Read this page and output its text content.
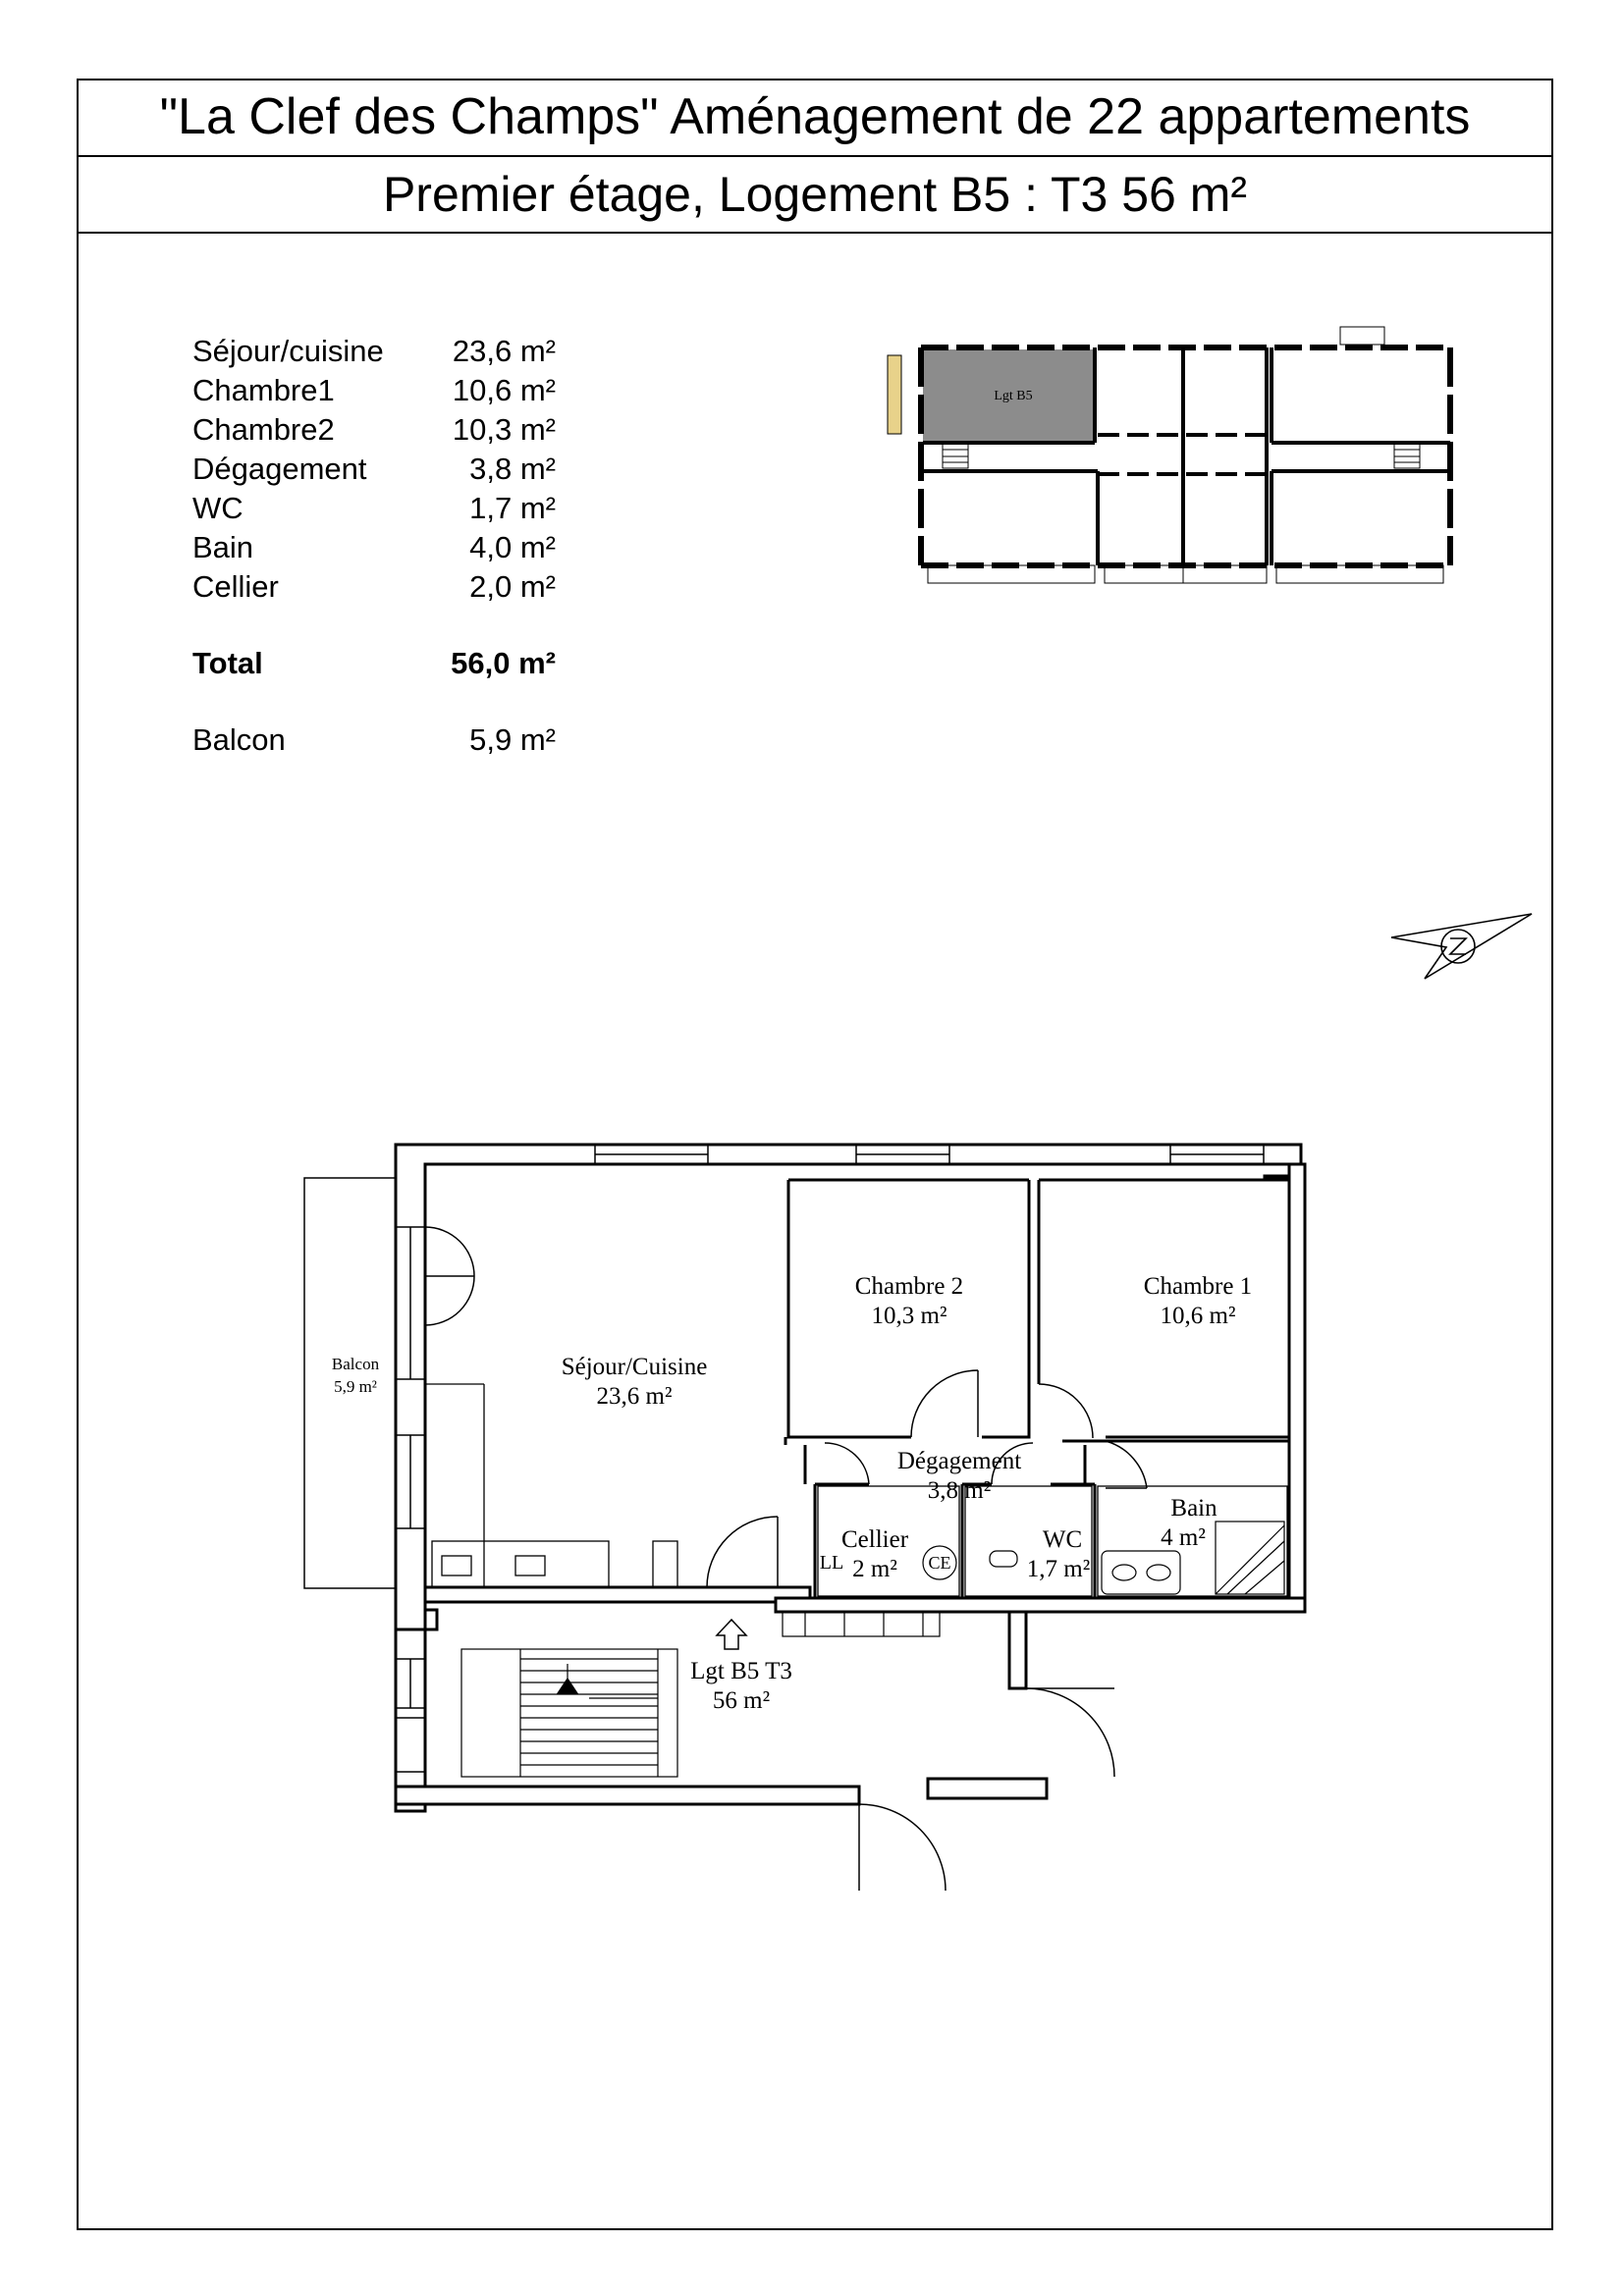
"La Clef des Champs" Aménagement de 22 appartements
Premier étage, Logement B5 : T3 56 m²
Séjour/cuisine 23,6 m²
Chambre1	10,6 m²
Chambre2	10,3 m²
Dégagement	3,8 m²
WC	1,7 m²
Bain	4,0 m²
Cellier	2,0 m²
Total	56,0 m²
Balcon	5,9 m²
Lgt B5
Séjour/Cuisine
23,6 m²
Chambre 2
10,3 m²
Chambre 1
10,6 m²
Dégagement
3,8 m²
Cellier
2 m²
WC
1,7 m²
Bain
4 m²
Lgt B5 T3
56 m²
Balcon
5,9 m²
LL	CE
